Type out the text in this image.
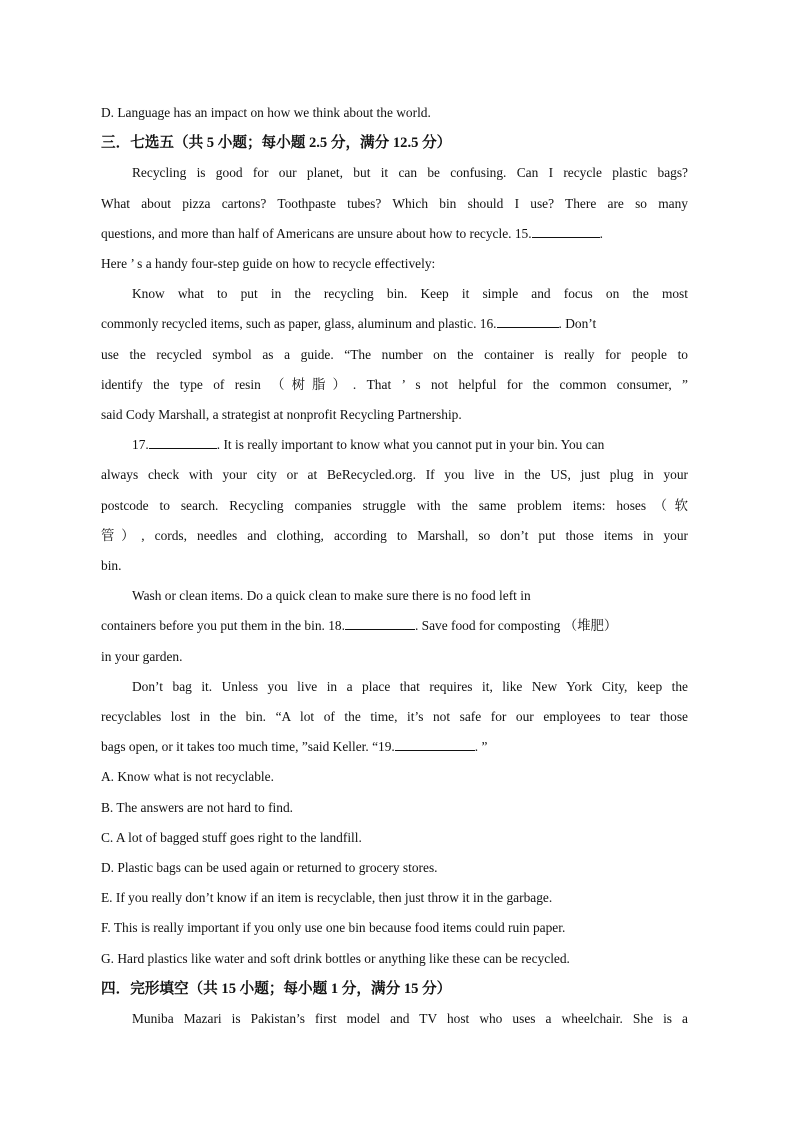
D. Language has an impact on how we think about the world.
三．七选五（共 5 小题；每小题 2.5 分，满分 12.5 分）
Recycling is good for our planet, but it can be confusing. Can I recycle plastic bags?
What about pizza cartons? Toothpaste tubes? Which bin should I use? There are so many
questions, and more than half of Americans are unsure about how to recycle. 15.	.
Here ’ s a handy four-step guide on how to recycle effectively:
Know what to put in the recycling bin. Keep it simple and focus on the most
commonly recycled items, such as paper, glass, aluminum and plastic. 16.	. Don’t
use the recycled symbol as a guide. “The number on the container is really for people to
identify the type of resin （树脂）. That ’ s not helpful for the common consumer, ”
said Cody Marshall, a strategist at nonprofit Recycling Partnership.
17.	. It is really important to know what you cannot put in your bin. You can
always check with your city or at BeRecycled.org. If you live in the US, just plug in your
postcode to search. Recycling companies struggle with the same problem items: hoses（软
管）, cords, needles and clothing, according to Marshall, so don’t put those items in your
bin.
Wash or clean items. Do a quick clean to make sure there is no food left in
containers before you put them in the bin. 18.	. Save food for composting （堆肥）
in your garden.
Don’t bag it. Unless you live in a place that requires it, like New York City, keep the
recyclables lost in the bin. “A lot of the time, it’s not safe for our employees to tear those
bags open, or it takes too much time, ”said Keller. “19.	. ”
A. Know what is not recyclable.
B. The answers are not hard to find.
C. A lot of bagged stuff goes right to the landfill.
D. Plastic bags can be used again or returned to grocery stores.
E. If you really don’t know if an item is recyclable, then just throw it in the garbage.
F. This is really important if you only use one bin because food items could ruin paper.
G. Hard plastics like water and soft drink bottles or anything like these can be recycled.
四．完形填空（共 15 小题；每小题 1 分，满分 15 分）
Muniba Mazari is Pakistan’s first model and TV host who uses a wheelchair. She is a
